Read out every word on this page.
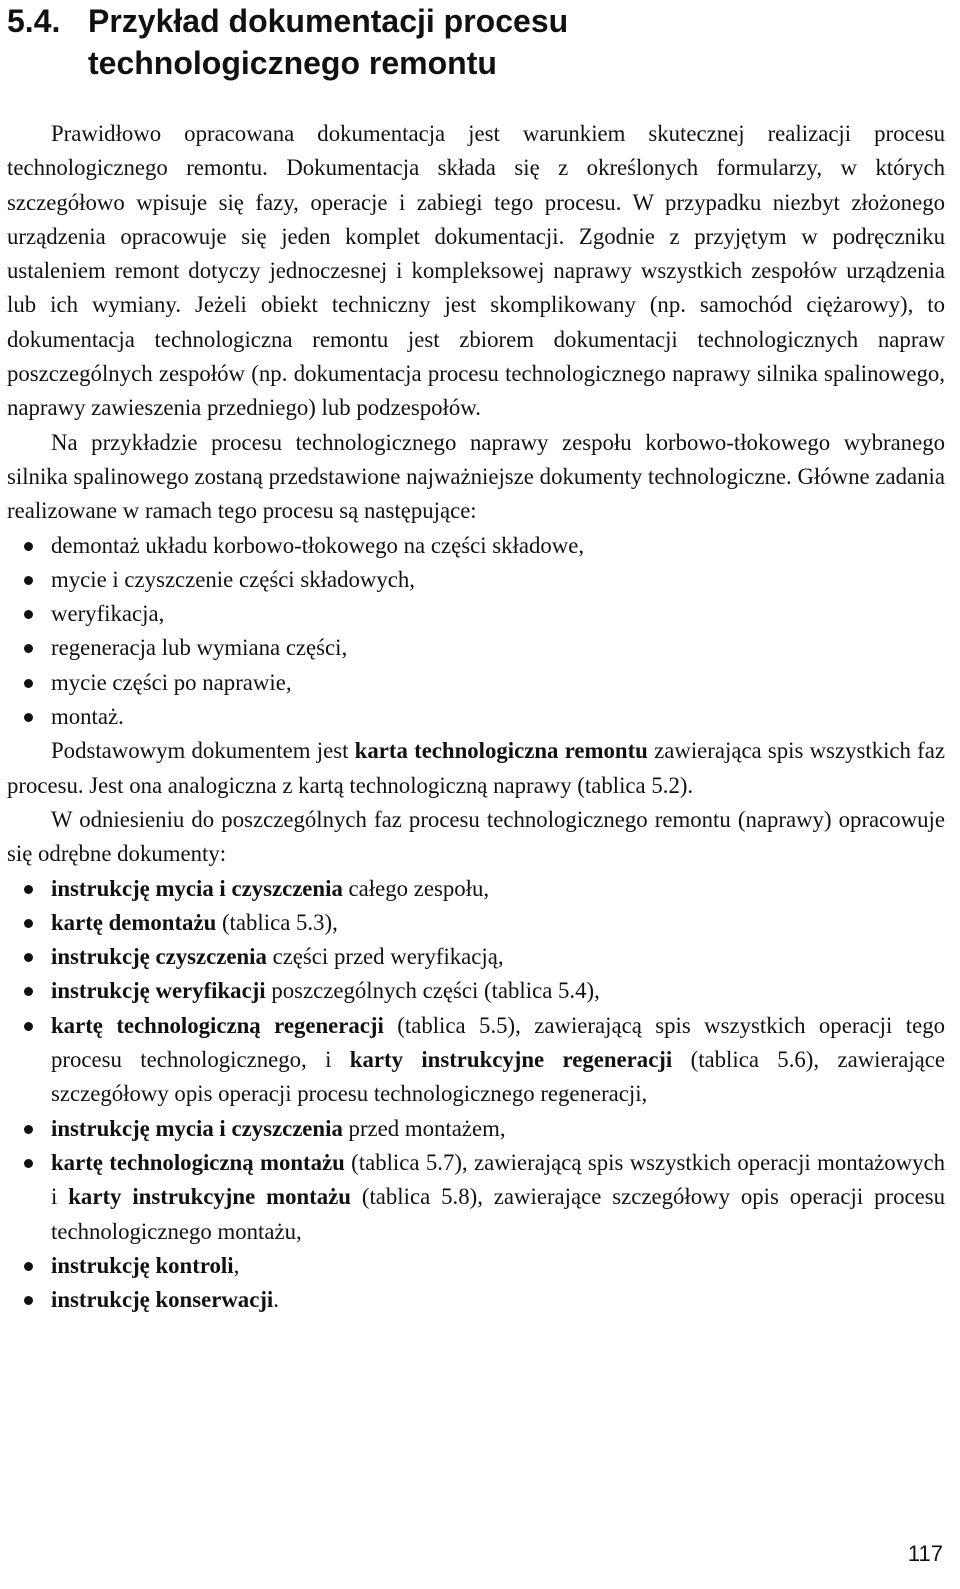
5.4. Przykład dokumentacji procesu
technologicznego remontu

Prawidłowo opracowana dokumentacja jest warunkiem skutecznej realizacji procesu technologicznego remontu. Dokumentacja składa się z określonych formularzy, w których szczegółowo wpisuje się fazy, operacje i zabiegi tego procesu. W przypadku niezbyt złożonego urządzenia opracowuje się jeden komplet dokumentacji. Zgodnie z przyjętym w podręczniku ustaleniem remont dotyczy jednoczesnej i kompleksowej naprawy wszystkich zespołów urządzenia lub ich wymiany. Jeżeli obiekt techniczny jest skomplikowany (np. samochód ciężarowy), to dokumentacja technologiczna remontu jest zbiorem dokumentacji technologicznych napraw poszczególnych zespołów (np. dokumentacja procesu technologicznego naprawy silnika spalinowego, naprawy zawieszenia przedniego) lub podzespołów.

Na przykładzie procesu technologicznego naprawy zespołu korbowo-tłokowego wybranego silnika spalinowego zostaną przedstawione najważniejsze dokumenty technologiczne. Główne zadania realizowane w ramach tego procesu są następujące:

demontaż układu korbowo-tłokowego na części składowe,
mycie i czyszczenie części składowych,
weryfikacja,
regeneracja lub wymiana części,
mycie części po naprawie,
montaż.

Podstawowym dokumentem jest karta technologiczna remontu zawierająca spis wszystkich faz procesu. Jest ona analogiczna z kartą technologiczną naprawy (tablica 5.2).

W odniesieniu do poszczególnych faz procesu technologicznego remontu (naprawy) opracowuje się odrębne dokumenty:

instrukcję mycia i czyszczenia całego zespołu,
kartę demontażu (tablica 5.3),
instrukcję czyszczenia części przed weryfikacją,
instrukcję weryfikacji poszczególnych części (tablica 5.4),
kartę technologiczną regeneracji (tablica 5.5), zawierającą spis wszystkich operacji tego procesu technologicznego, i karty instrukcyjne regeneracji (tablica 5.6), zawierające szczegółowy opis operacji procesu technologicznego regeneracji,
instrukcję mycia i czyszczenia przed montażem,
kartę technologiczną montażu (tablica 5.7), zawierającą spis wszystkich operacji montażowych i karty instrukcyjne montażu (tablica 5.8), zawierające szczegółowy opis operacji procesu technologicznego montażu,
instrukcję kontroli,
instrukcję konserwacji.
117
